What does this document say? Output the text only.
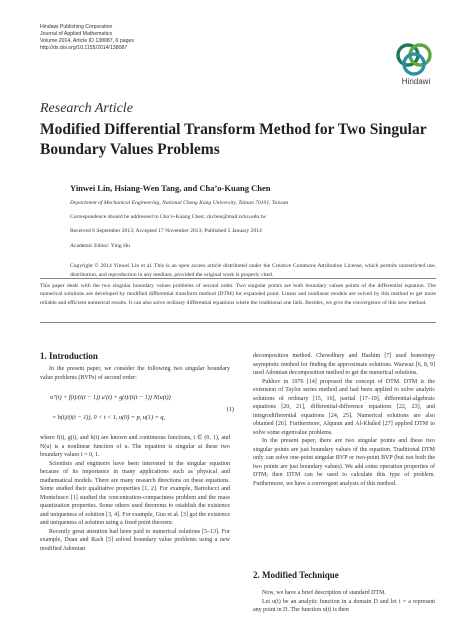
Hindawi Publishing Corporation
Journal of Applied Mathematics
Volume 2014, Article ID 138087, 6 pages
http://dx.doi.org/10.1155/2014/138087
Hindawi
Research Article
Modified Differential Transform Method for Two Singular Boundary Values Problems
Yinwei Lin, Hsiang-Wen Tang, and Cha’o-Kuang Chen
Department of Mechanical Engineering, National Cheng Kung University, Tainan 70101, Taiwan
Correspondence should be addressed to Cha’o-Kuang Chen; ckchen@mail.ncku.edu.tw
Received 6 September 2013; Accepted 17 November 2013; Published 5 January 2014
Academic Editor: Ying Hu
Copyright © 2014 Yinwei Lin et al. This is an open access article distributed under the Creative Commons Attribution License, which permits unrestricted use, distribution, and reproduction in any medium, provided the original work is properly cited.
This paper deals with the two singular boundary values problems of second order. Two singular points are both boundary values points of the differential equation. The numerical solutions are developed by modified differential transform method (DTM) for expanded point. Linear and nonlinear models are solved by this method to get more reliable and efficient numerical results. It can also solve ordinary differential equations where the traditional one fails. Besides, we give the convergence of this new method.
1. Introduction

In the present paper, we consider the following two singular boundary value problems (BVPs) of second order:

u″(t) + f(t)/(t(t − 1)) u′(t) + g(t)/(t(t − 1)) N(u(t))
= h(t)/(t(t − 1)), 0 < t < 1, u(0) = p, u(1) = q,
(1)

where f(t), g(t), and h(t) are known and continuous functions, t ∈ (0, 1), and N(u) is a nonlinear function of u. The equation is singular at these two boundary values t = 0, 1.

Scientists and engineers have been interested in the singular equation because of its importance in many applications such as physical and mathematical models. There are many research directions on these equations. Some studied their qualitative properties [1, 2]. For example, Bartolucci and Montefusco [1] studied the concentration-compactness problem and the mass quantization properties. Some others used theorems to establish the existence and uniqueness of solution [3, 4]. For example, Guo et al. [3] got the existence and uniqueness of solution using a fixed point theorem.

Recently great attention had been paid to numerical solutions [5–13]. For example, Duan and Rach [5] solved boundary value problems using a new modified Adomian

decomposition method. Chowdhury and Hashim [7] used homotopy asymptotic method for finding the approximate solutions. Wazwaz [6, 8, 9] used Adomian decomposition method to get the numerical solutions.

Pukhov in 1976 [14] proposed the concept of DTM. DTM is the extension of Taylor series method and had been applied to solve analytic solutions of ordinary [15, 16], partial [17–19], differential-algebraic equations [20, 21], differential-difference equations [22, 23], and integrodifferential equations [24, 25]. Numerical solutions are also obtained [26]. Furthermore, Alquran and Al-Khaled [27] applied DTM to solve some eigenvalue problems.

In the present paper, there are two singular points and these two singular points are just boundary values of the equation. Traditional DTM only can solve one-point singular BVP or two-point BVP (but not both the two points are just boundary values). We add some operation properties of DTM; then DTM can be used to calculate this type of problem. Furthermore, we have a convergent analysis of this method.

2. Modified Technique

Now, we have a brief description of standard DTM.

Let u(t) be an analytic function in a domain D and let t = a represent any point in D. The function u(t) is then
